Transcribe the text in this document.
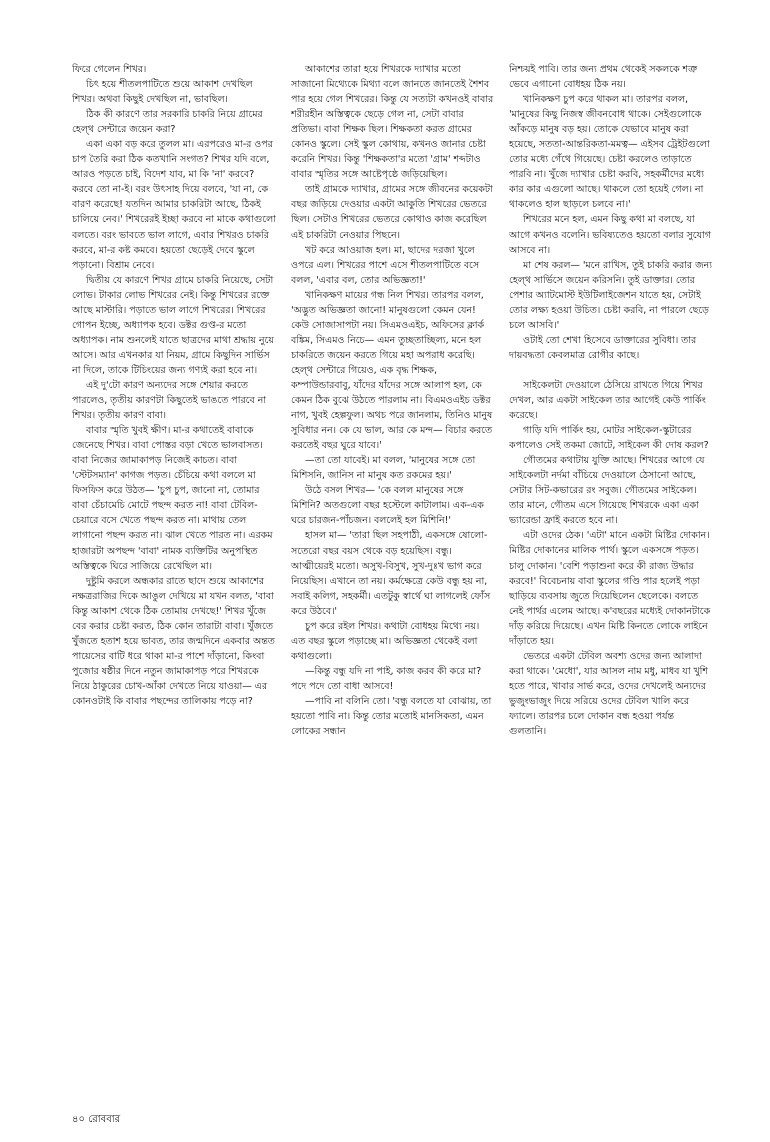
ফিরে গেলেন শিখর।

চিৎ হয়ে শীতলপাটিতে শুয়ে আকাশ দেখছিল শিখর। অথবা কিছুই দেখছিল না, ভাবছিল।

ঠিক কী কারণে তার সরকারি চাকরি নিয়ে গ্রামের হেল্‌থ সেন্টারে জয়েন করা?

একা একা বড় করে তুলল মা। এরপরেও মা-র ওপর চাপ তৈরি করা ঠিক কতখানি সংগত? শিখর যদি বলে, আরও পড়তে চাই, বিদেশ যাব, মা কি 'না' করবে? করবে তো না-ই। বরং উৎসাহ দিয়ে বলবে, 'যা না, কে বারণ করেছে! যতদিন আমার চাকরিটা আছে, ঠিকই চালিয়ে নেব।' শিখরেরই ইচ্ছা করবে না মাকে কথাগুলো বলতে। বরং ভাবতে ভাল লাগে, এবার শিখরও চাকরি করবে, মা-র কষ্ট কমবে। হয়তো ছেড়েই দেবে স্কুলে পড়ানো। বিশ্রাম নেবে।

দ্বিতীয় যে কারণে শিখর গ্রামে চাকরি নিয়েছে, সেটা লোভ। টাকার লোভ শিখরের নেই। কিন্তু শিখরের রক্তে আছে মাস্টারি। পড়াতে ভাল লাগে শিখরের। শিখরের গোপন ইচ্ছে, অধ্যাপক হবে। ডক্টর গুপ্ত-র মতো অধ্যাপক। নাম শুনলেই যাতে ছাত্রদের মাথা শ্রদ্ধায় নুয়ে আসে। আর এখনকার যা নিয়ম, গ্রামে কিছুদিন সার্ভিস না দিলে, তাকে টিচিংয়ের জন্য গণ্যই করা হবে না।

এই দু'টো কারণ অন্যদের সঙ্গে শেয়ার করতে পারলেও, তৃতীয় কারণটা কিছুতেই ভাঙতে পারবে না শিখর। তৃতীয় কারণ বাবা।

বাবার স্মৃতি খুবই ক্ষীণ। মা-র কথাতেই বাবাকে জেনেছে শিখর। বাবা পোস্তর বড়া খেতে ভালবাসত। বাবা নিজের জামাকাপড় নিজেই কাচত। বাবা 'স্টেটসম্যান' কাগজ পড়ত। চেঁচিয়ে কথা বললে মা ফিসফিস করে উঠত— 'চুপ চুপ, জানো না, তোমার বাবা চেঁচামেচি মোটে পছন্দ করত না! বাবা টেবিল-চেয়ারে বসে খেতে পছন্দ করত না। মাথায় তেল লাগানো পছন্দ করত না। ঝাল খেতে পারত না। এরকম হাজারটা অপছন্দ 'বাবা' নামক ব্যক্তিটির অনুপস্থিত অস্তিত্বকে ঘিরে সাজিয়ে রেখেছিল মা।

দুষ্টুমি করলে অন্ধকার রাতে ছাদে শুয়ে আকাশের নক্ষত্ররাজির দিকে আঙুল দেখিয়ে মা যখন বলত, 'বাবা কিন্তু আকাশ থেকে ঠিক তোমায় দেখছে!' শিখর খুঁজে বের করার চেষ্টা করত, ঠিক কোন তারাটা বাবা। খুঁজতে খুঁজতে হতাশ হয়ে ভাবত, তার জন্মদিনে একবার অন্তত পায়েসের বাটি ধরে থাকা মা-র পাশে দাঁড়ানো, কিংবা পুজোর ষষ্ঠীর দিনে নতুন জামাকাপড় পরে শিখরকে নিয়ে ঠাকুরের চোখ-আঁকা দেখতে নিয়ে যাওয়া— এর কোনওটাই কি বাবার পছন্দের তালিকায় পড়ে না?

আকাশের তারা হয়ে শিখরকে দ্যাখার মতো সাজানো মিথ্যেকে মিথ্যা বলে জানতে জানতেই শৈশব পার হয়ে গেল শিখরের। কিন্তু যে সত্যটা কখনওই বাবার শরীরহীন অস্তিত্বকে ছেড়ে গেল না, সেটা বাবার প্রতিভা। বাবা শিক্ষক ছিল। শিক্ষকতা করত গ্রামের কোনও স্কুলে। সেই স্কুল কোথায়, কখনও জানার চেষ্টা করেনি শিখর। কিন্তু 'শিক্ষকতা'র মতো 'গ্রাম' শব্দটাও বাবার স্মৃতির সঙ্গে আষ্টেপৃষ্ঠে জড়িয়েছিল।

তাই গ্রামকে দ্যাখার, গ্রামের সঙ্গে জীবনের কয়েকটা বছর জড়িয়ে দেওয়ার একটা আকুতি শিখরের ভেতরে ছিল। সেটাও শিখরের ভেতরে কোথাও কাজ করেছিল এই চাকরিটা নেওয়ার পিছনে।

খট করে আওয়াজ হল। মা, ছাদের দরজা খুলে ওপরে এল। শিখরের পাশে এসে শীতলপাটিতে বসে বলল, 'এবার বল, তোর অভিজ্ঞতা!'

খানিকক্ষণ মায়ের গন্ধ নিল শিখর। তারপর বলল, 'অদ্ভুত অভিজ্ঞতা জানো! মানুষগুলো কেমন যেন! কেউ সোজাসাপটা নয়। সিএমওএইচ, অফিসের ক্লার্ক বঙ্কিম, সিএমও নিচে— এমন তুচ্ছতাচ্ছিল্য, মনে হল চাকরিতে জয়েন করতে গিয়ে মহা অপরাধ করেছি। হেল্‌থ সেন্টারে গিয়েও, এক বৃদ্ধ শিক্ষক, কম্পাউন্ডারবাবু, যাঁদের যাঁদের সঙ্গে আলাপ হল, কে কেমন ঠিক বুঝে উঠতে পারলাম না। বিএমওএইচ ডক্টর নাগ, খুবই হেল্পফুল। অথচ পরে জানলাম, তিনিও মানুষ সুবিধার নন। কে যে ভাল, আর কে মন্দ— বিচার করতে করতেই বছর ঘুরে যাবে।'

—তা তো যাবেই। মা বলল, 'মানুষের সঙ্গে তো মিশিসনি, জানিস না মানুষ কত রকমের হয়।'

উঠে বসল শিখর— 'কে বলল মানুষের সঙ্গে মিশিনি? অতগুলো বছর হস্টেলে কাটালাম। এক-এক ঘরে চারজন-পাঁচজন। বললেই হল মিশিনি!'

হাসল মা— 'তারা ছিল সহপাঠী, একসঙ্গে ষোলো-সতেরো বছর বয়স থেকে বড় হয়েছিস। বন্ধু। আত্মীয়েরই মতো। অসুখ-বিসুখ, সুখ-দুঃখ ভাগ করে নিয়েছিস। এখানে তা নয়। কর্মক্ষেত্রে কেউ বন্ধু হয় না, সবাই কলিগ, সহকর্মী। এতটুকু স্বার্থে ঘা লাগলেই ফোঁস করে উঠবে।'

চুপ করে রইল শিখর। কথাটা বোধহয় মিথ্যে নয়। এত বছর স্কুলে পড়াচ্ছে মা। অভিজ্ঞতা থেকেই বলা কথাগুলো।

—কিন্তু বন্ধু যদি না পাই, কাজ করব কী করে মা? পদে পদে তো বাধা আসবে!

—পাবি না বলিনি তো। 'বন্ধু বলতে যা বোঝায়, তা হয়তো পাবি না। কিন্তু তোর মতোই মানসিকতা, এমন লোকের সন্ধান

নিশ্চয়ই পাবি। তার জন্য প্রথম থেকেই সকলকে শত্রু ভেবে এগানো বোধহয় ঠিক নয়।

খানিকক্ষণ চুপ করে থাকল মা। তারপর বলল, 'মানুষের কিছু নিজস্ব জীবনবোধ থাকে। সেইগুলোকে আঁকড়ে মানুষ বড় হয়। তোকে যেভাবে মানুষ করা হয়েছে, সততা-আন্তরিকতা-মমত্ব— এইসব ট্রেইটগুলো তোর মধ্যে গেঁথে গিয়েছে। চেষ্টা করলেও তাড়াতে পারবি না। খুঁজে দ্যাখার চেষ্টা করবি, সহকর্মীদের মধ্যে কার কার এগুলো আছে। থাকলে তো হয়েই গেল। না থাকলেও হাল ছাড়লে চলবে না।'

শিখরের মনে হল, এমন কিছু কথা মা বলছে, যা আগে কখনও বলেনি। ভবিষ্যতেও হয়তো বলার সুযোগ আসবে না।

মা শেষ করল— 'মনে রাখিস, তুই চাকরি করার জন্য হেল্‌থ সার্ভিসে জয়েন করিসনি। তুই ডাক্তার। তোর পেশার অ্যাটমোস্ট ইউটিলাইজেশন যাতে হয়, সেটাই তোর লক্ষ্য হওয়া উচিত। চেষ্টা করবি, না পারলে ছেড়ে চলে আসবি।'

ওটাই তো শেখা হিসেবে ডাক্তারের সুবিধা। তার দায়বদ্ধতা কেবলমাত্র রোগীর কাছে।

সাইকেলটা দেওয়ালে ঠেসিয়ে রাখতে গিয়ে শিখর দেখল, আর একটা সাইকেল তার আগেই কেউ পার্কিং করেছে।

গাড়ি যদি পার্কিং হয়, মোটর সাইকেল-স্কুটারের কপালেও সেই তকমা জোটে, সাইকেল কী দোষ করল?

গৌতমের কথাটায় যুক্তি আছে। শিখরের আগে যে সাইকেলটা নর্দমা বাঁচিয়ে দেওয়ালে ঠেসানো আছে, সেটার সিট-কভারের রং সবুজ। গৌতমের সাইকেল। তার মানে, গৌতম এসে গিয়েছে শিখরকে একা একা ভ্যারেন্ডা ফ্রাই করতে হবে না।

এটা ওদের ঠেক। 'এটা' মানে একটা মিষ্টির দোকান। মিষ্টির দোকানের মালিক পার্থ। স্কুলে একসঙ্গে পড়ত। চালু দোকান। 'বেশি পড়াশুনা করে কী রাজ্য উদ্ধার করবে!' বিবেচনায় বাবা স্কুলের গণ্ডি পার হলেই পড়া ছাড়িয়ে ব্যবসায় জুতে দিয়েছিলেন ছেলেকে। বলতে নেই পার্থর এলেম আছে। ক'বছরের মধ্যেই দোকানটাকে দাঁড় করিয়ে দিয়েছে। এখন মিষ্টি কিনতে লোকে লাইনে দাঁড়াতে হয়।

ভেতরে একটা টেবিল অবশ্য ওদের জন্য আলাদা করা থাকে। 'মেধো', যার আসল নাম মধু, মাধব যা খুশি হতে পারে, খাবার সার্ভ করে, ওদের দেখলেই অন্যদের ভুজুংভাজুং দিয়ে সরিয়ে ওদের টেবিল খালি করে ফ্যালে। তারপর চলে দোকান বন্ধ হওয়া পর্যন্ত গুলতানি।

৪০ রোববার
